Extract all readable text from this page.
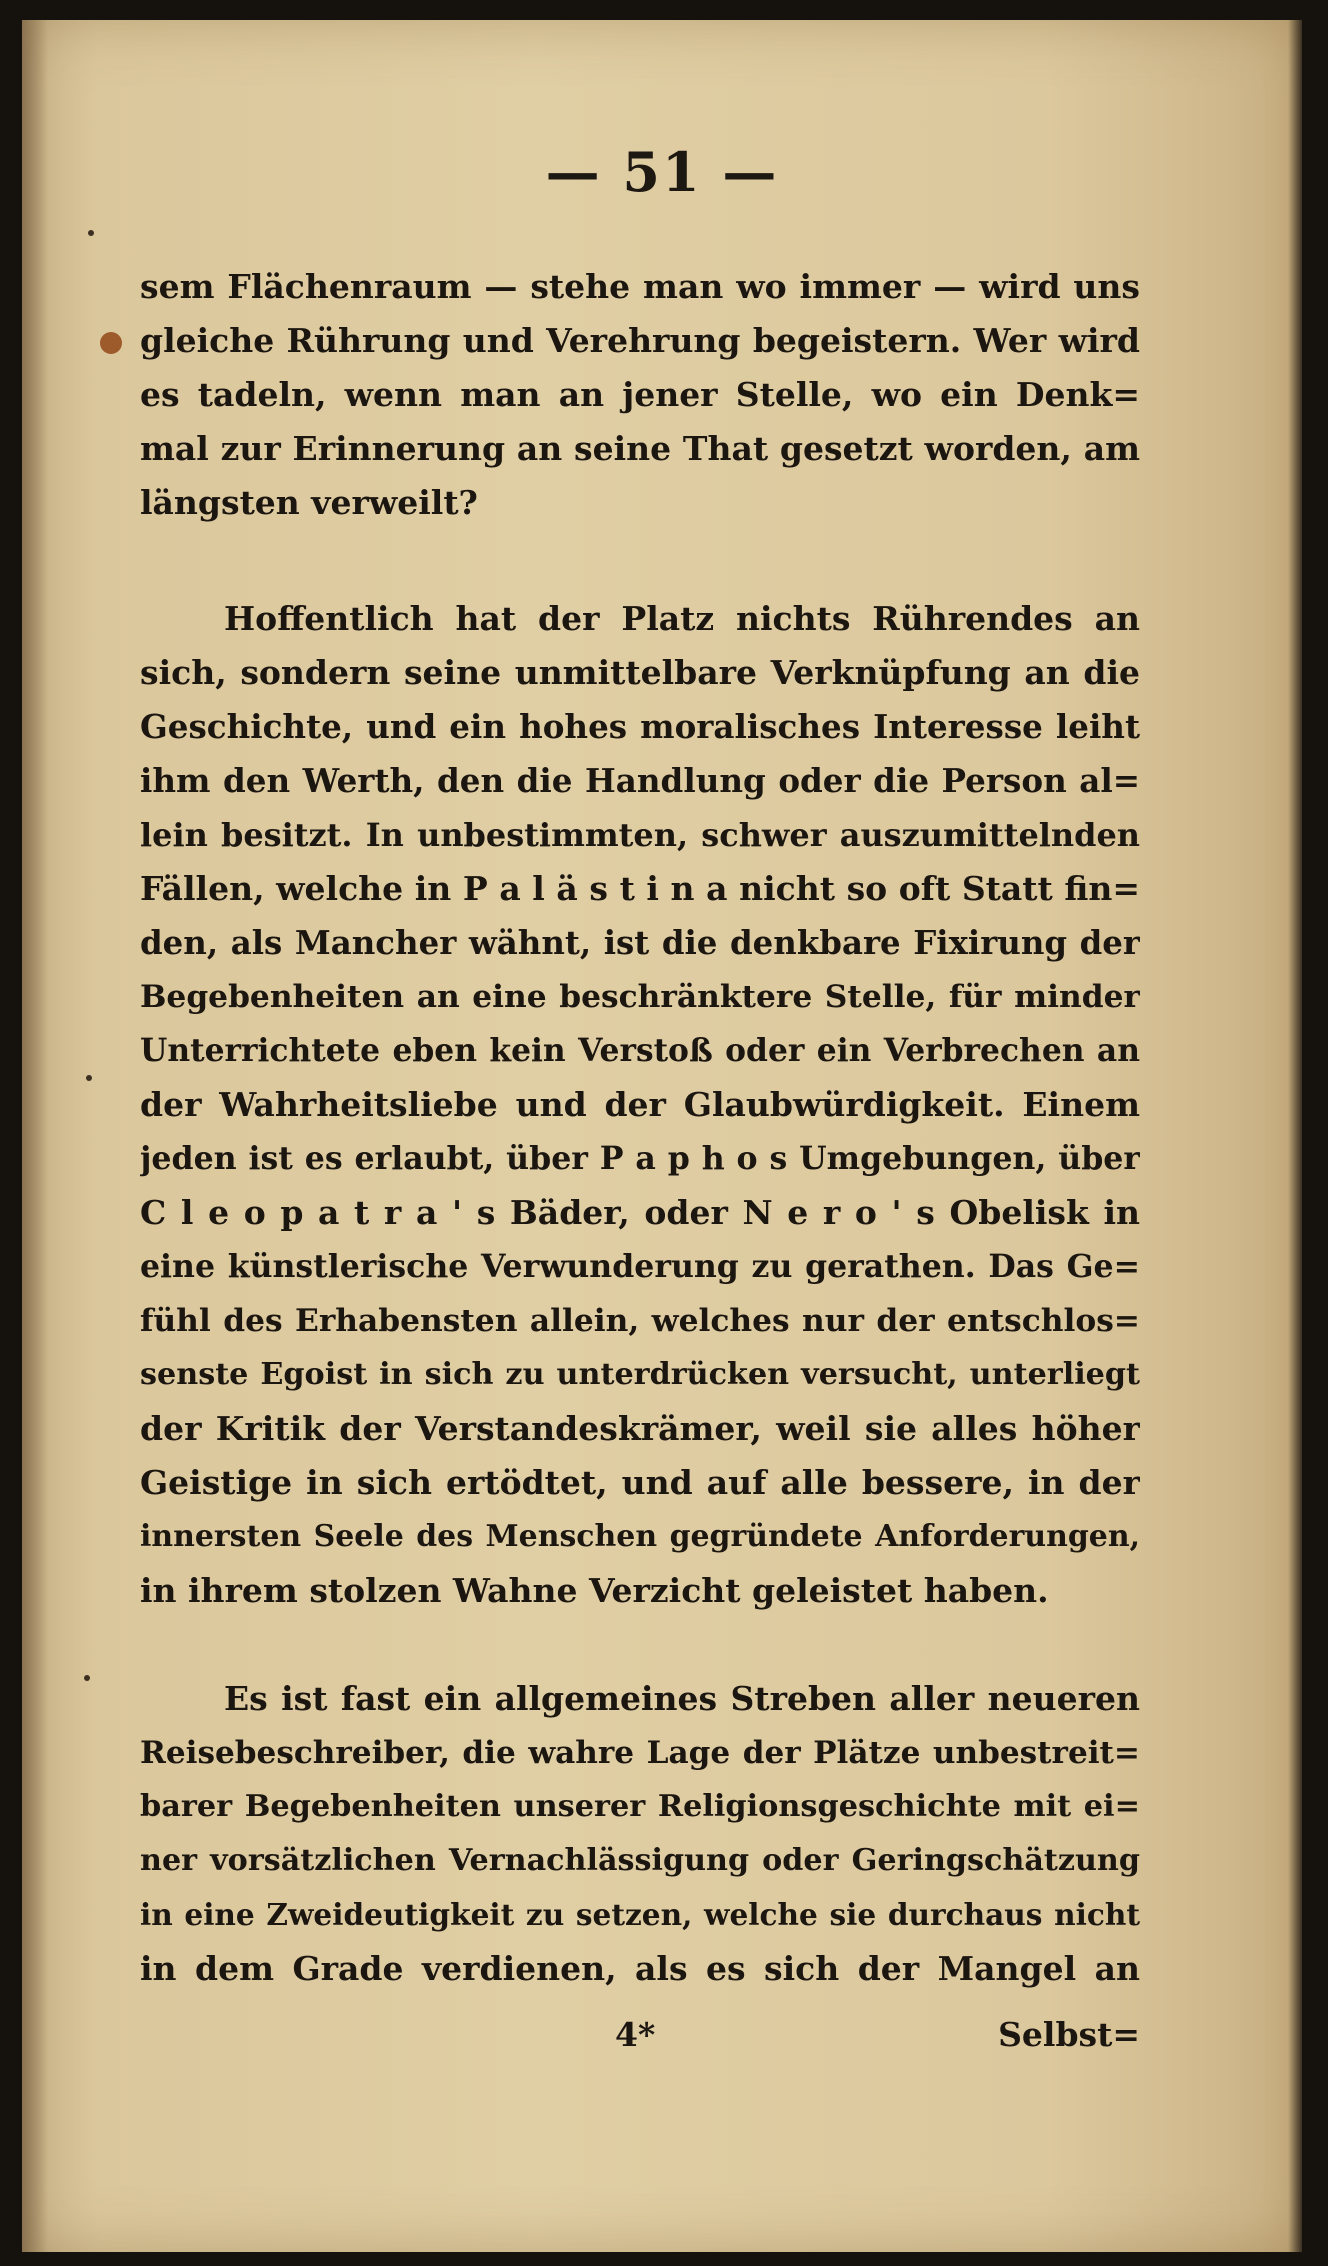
— 51 —
sem Flächenraum — stehe man wo immer — wird uns
gleiche Rührung und Verehrung begeistern. Wer wird
es tadeln, wenn man an jener Stelle, wo ein Denk=
mal zur Erinnerung an seine That gesetzt worden, am
längsten verweilt?
Hoffentlich hat der Platz nichts Rührendes an
sich, sondern seine unmittelbare Verknüpfung an die
Geschichte, und ein hohes moralisches Interesse leiht
ihm den Werth, den die Handlung oder die Person al=
lein besitzt. In unbestimmten, schwer auszumittelnden
Fällen, welche in P a l ä s t i n a nicht so oft Statt fin=
den, als Mancher wähnt, ist die denkbare Fixirung der
Begebenheiten an eine beschränktere Stelle, für minder
Unterrichtete eben kein Verstoß oder ein Verbrechen an
der Wahrheitsliebe und der Glaubwürdigkeit. Einem
jeden ist es erlaubt, über P a p h o s Umgebungen, über
C l e o p a t r a ' s Bäder, oder N e r o ' s Obelisk in
eine künstlerische Verwunderung zu gerathen. Das Ge=
fühl des Erhabensten allein, welches nur der entschlos=
senste Egoist in sich zu unterdrücken versucht, unterliegt
der Kritik der Verstandeskrämer, weil sie alles höher
Geistige in sich ertödtet, und auf alle bessere, in der
innersten Seele des Menschen gegründete Anforderungen,
in ihrem stolzen Wahne Verzicht geleistet haben.
Es ist fast ein allgemeines Streben aller neueren
Reisebeschreiber, die wahre Lage der Plätze unbestreit=
barer Begebenheiten unserer Religionsgeschichte mit ei=
ner vorsätzlichen Vernachlässigung oder Geringschätzung
in eine Zweideutigkeit zu setzen, welche sie durchaus nicht
in dem Grade verdienen, als es sich der Mangel an
4*	Selbst=
